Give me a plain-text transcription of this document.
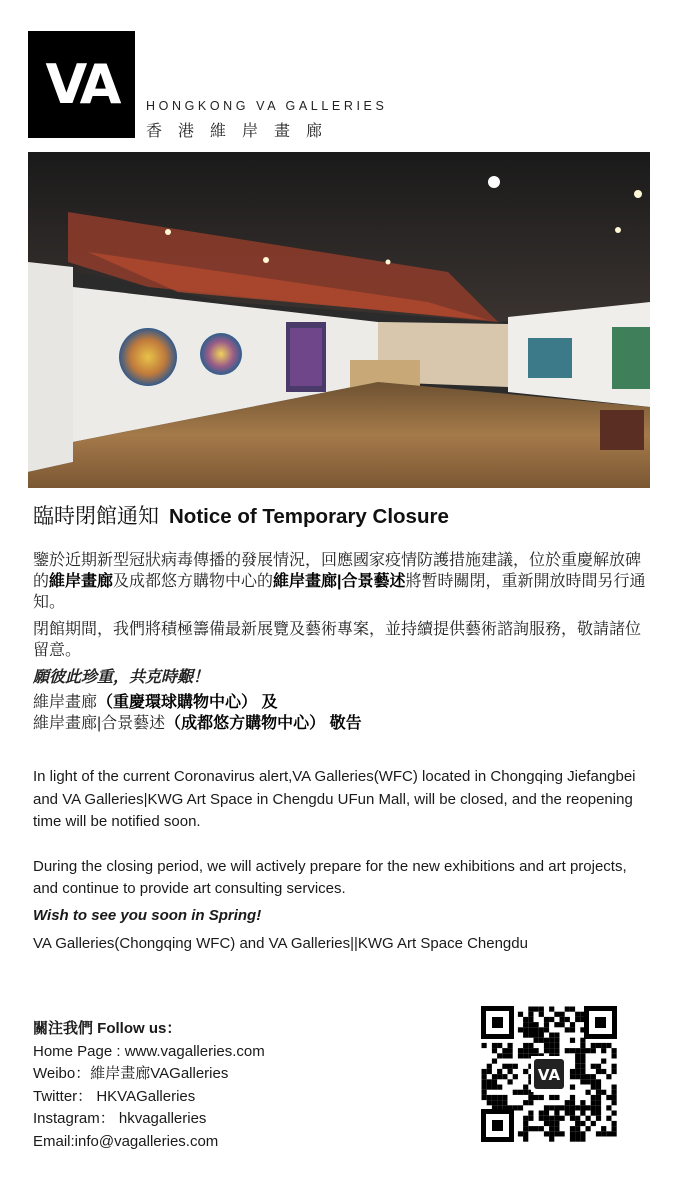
VA HONGKONG VA GALLERIES
香港維岸畫廊
臨時閉館通知 Notice of Temporary Closure

鑒於近期新型冠狀病毒傳播的發展情況，回應國家疫情防護措施建議，位於重慶解放碑的維岸畫廊及成都悠方購物中心的維岸畫廊|合景藝述將暫時關閉，重新開放時間另行通知。

閉館期間，我們將積極籌備最新展覽及藝術專案，並持續提供藝術諮詢服務，敬請諸位留意。

願彼此珍重，共克時艱！

維岸畫廊（重慶環球購物中心） 及

維岸畫廊|合景藝述（成都悠方購物中心） 敬告

In light of the current Coronavirus alert,VA Galleries(WFC) located in Chongqing Jiefangbei and VA Galleries|KWG Art Space in Chengdu UFun Mall, will be closed, and the reopening time will be notified soon.

During the closing period, we will actively prepare for the new exhibitions and art projects, and continue to provide art consulting services.

Wish to see you soon in Spring!

VA Galleries(Chongqing WFC) and VA Galleries||KWG Art Space Chengdu

關注我們 Follow us：
Home Page : www.vagalleries.com
Weibo：維岸畫廊VAGalleries
Twitter： HKVAGalleries
Instagram： hkvagalleries
Email:info@vagalleries.com
VA
